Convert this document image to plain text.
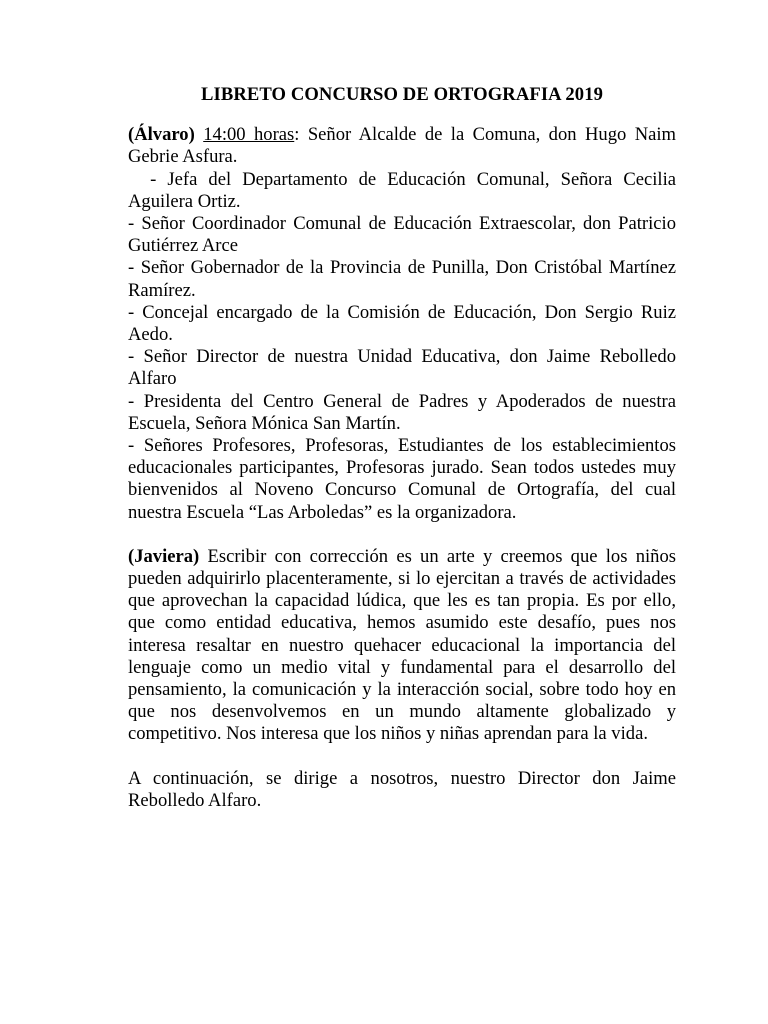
LIBRETO CONCURSO DE ORTOGRAFIA 2019

(Álvaro) 14:00 horas: Señor Alcalde de la Comuna, don Hugo Naim Gebrie Asfura.

- Jefa del Departamento de Educación Comunal, Señora Cecilia Aguilera Ortiz.

- Señor Coordinador Comunal de Educación Extraescolar, don Patricio Gutiérrez Arce

- Señor Gobernador de la Provincia de Punilla, Don Cristóbal Martínez Ramírez.

- Concejal encargado de la Comisión de Educación, Don Sergio Ruiz Aedo.

- Señor Director de nuestra Unidad Educativa, don Jaime Rebolledo Alfaro

- Presidenta del Centro General de Padres y Apoderados de nuestra Escuela, Señora Mónica San Martín.

- Señores Profesores, Profesoras, Estudiantes de los establecimientos educacionales participantes, Profesoras jurado. Sean todos ustedes muy bienvenidos al Noveno Concurso Comunal de Ortografía, del cual nuestra Escuela “Las Arboledas” es la organizadora.

(Javiera) Escribir con corrección es un arte y creemos que los niños pueden adquirirlo placenteramente, si lo ejercitan a través de actividades que aprovechan la capacidad lúdica, que les es tan propia. Es por ello, que como entidad educativa, hemos asumido este desafío, pues nos interesa resaltar en nuestro quehacer educacional la importancia del lenguaje como un medio vital y fundamental para el desarrollo del pensamiento, la comunicación y la interacción social, sobre todo hoy en que nos desenvolvemos en un mundo altamente globalizado y competitivo. Nos interesa que los niños y niñas aprendan para la vida.

A continuación, se dirige a nosotros, nuestro Director don Jaime Rebolledo Alfaro.
